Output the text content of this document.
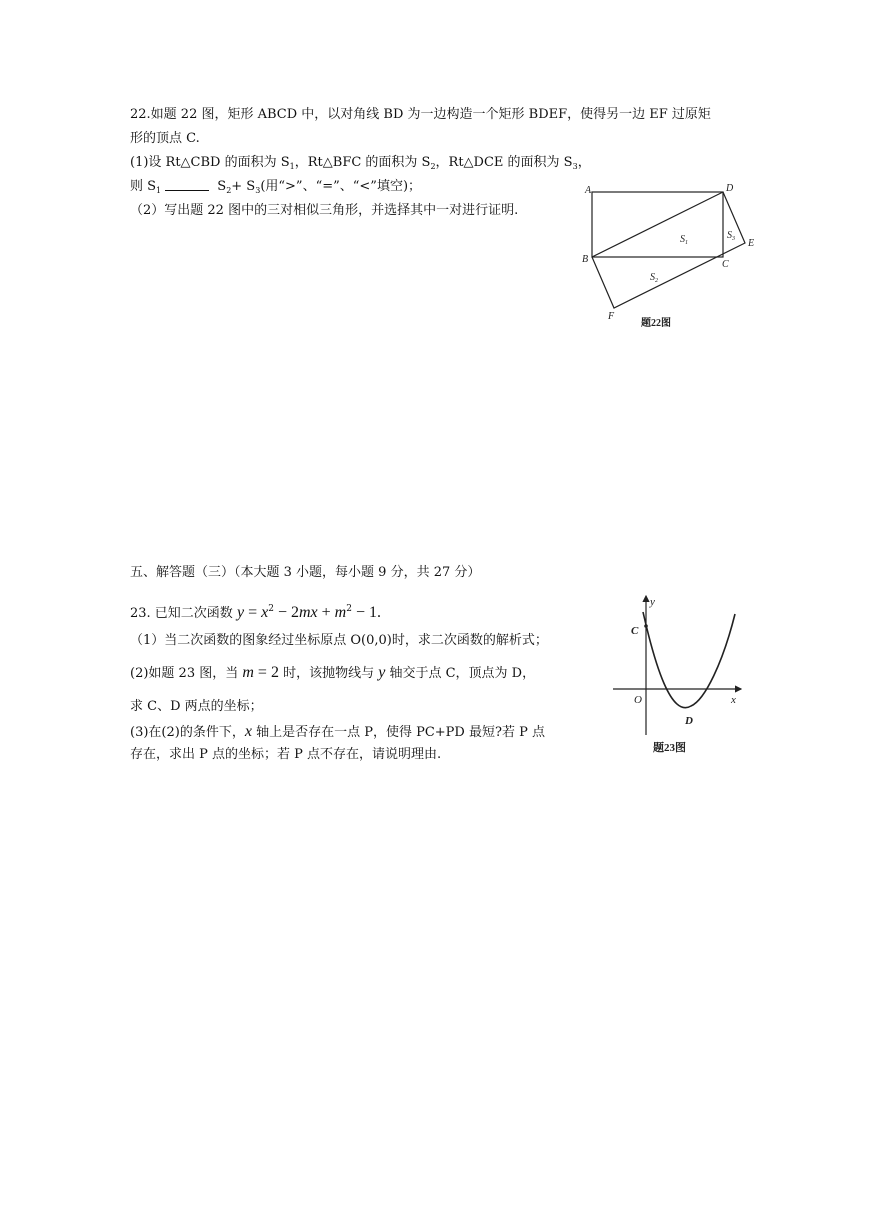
22.如题 22 图，矩形 ABCD 中，以对角线 BD 为一边构造一个矩形 BDEF，使得另一边 EF 过原矩
形的顶点 C.
(1)设 Rt△CBD 的面积为 $S_1$，Rt△BFC 的面积为 $S_2$，Rt△DCE 的面积为 $S_3$，
则 $S_1$	$S_2+ S_3$(用“>”、“=”、“<”填空)；
（2）写出题 22 图中的三对相似三角形，并选择其中一对进行证明.
A	D
B	C
E
F
$S_1$
$S_2$
$S_3$
题22图
五、解答题（三）（本大题 3 小题，每小题 9 分，共 27 分）
23. 已知二次函数 $y = x^2 - 2mx + m^2 - 1$.
（1）当二次函数的图象经过坐标原点 O(0,0)时，求二次函数的解析式；
(2)如题 23 图，当 m = 2 时，该抛物线与 y 轴交于点 C，顶点为 D，
求 C、D 两点的坐标；
(3)在(2)的条件下，x 轴上是否存在一点 P，使得 PC+PD 最短?若 P 点
存在，求出 P 点的坐标；若 P 点不存在，请说明理由.
y
x
O
C
D
题23图
